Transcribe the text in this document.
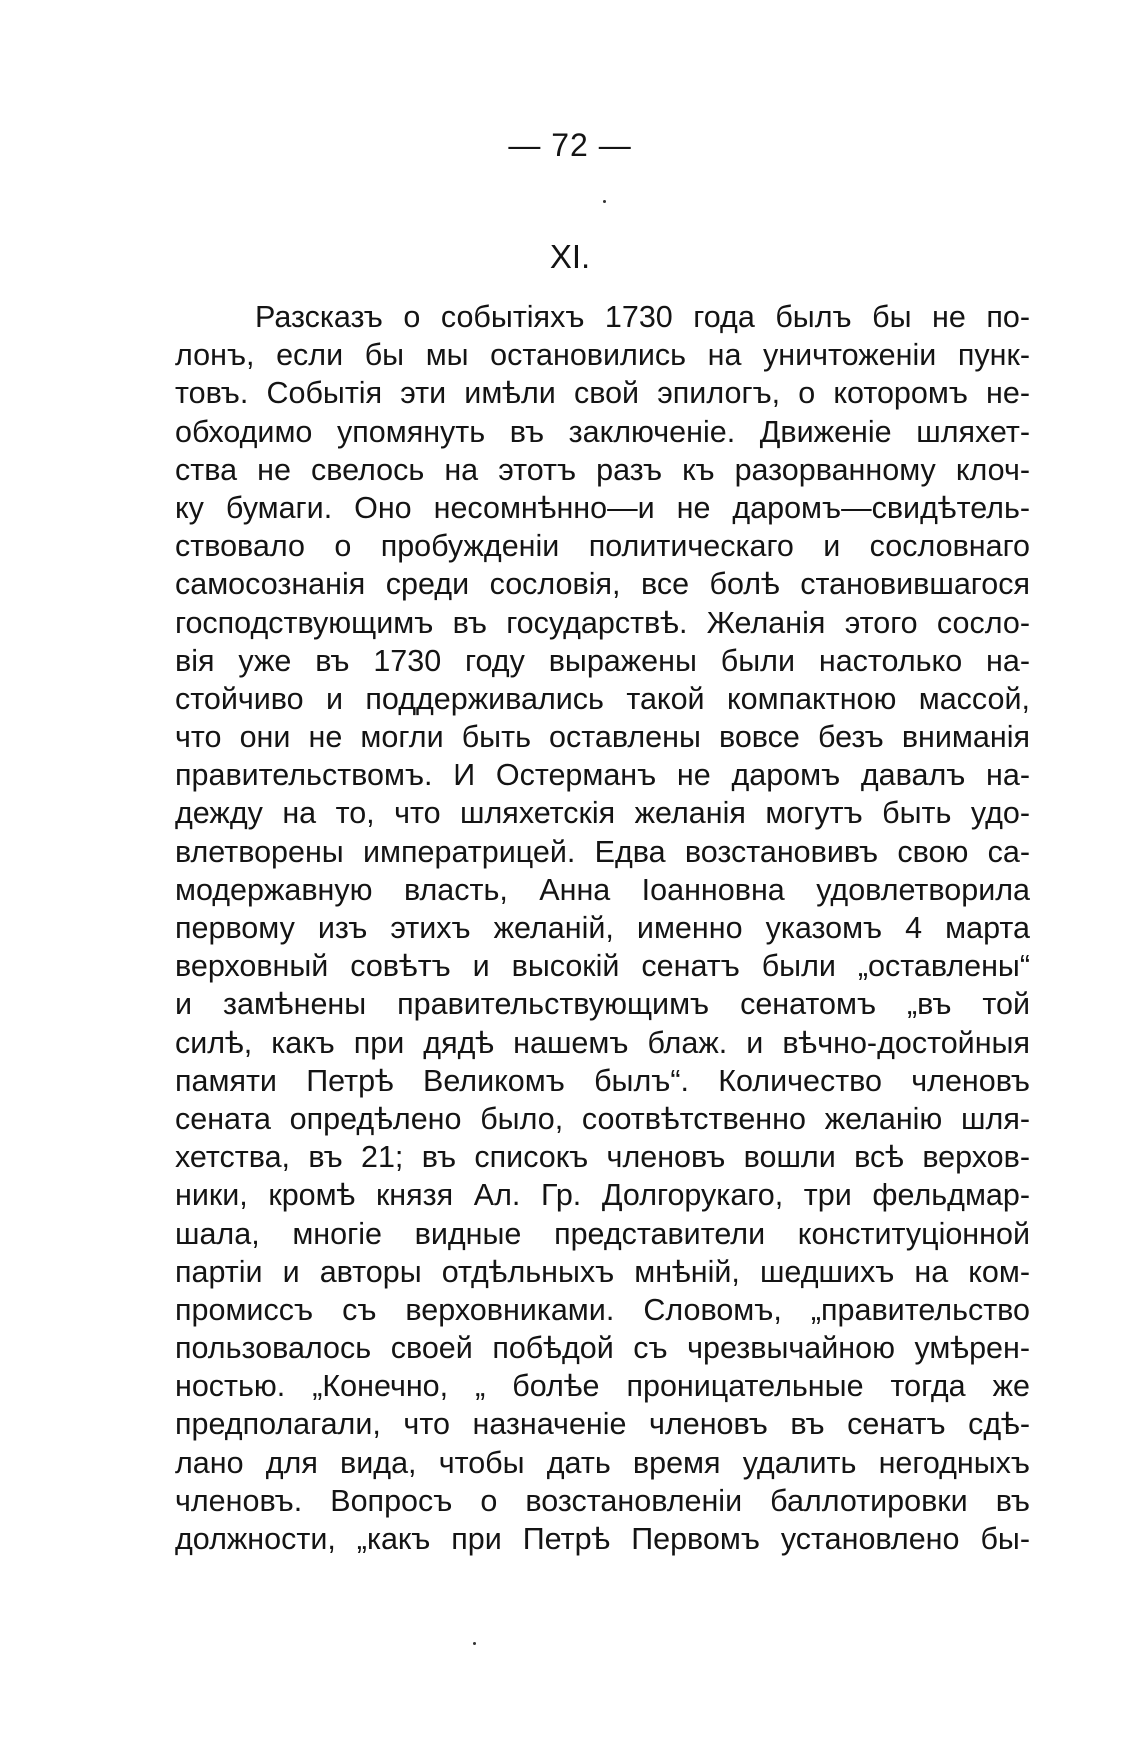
— 72 —
XI.
Разсказъ о событіяхъ 1730 года былъ бы не по-
лонъ, если бы мы остановились на уничтоженіи пунк-
товъ. Событія эти имѣли свой эпилогъ, о которомъ не-
обходимо упомянуть въ заключеніе. Движеніе шляхет-
ства не свелось на этотъ разъ къ разорванному клоч-
ку бумаги. Оно несомнѣнно—и не даромъ—свидѣтель-
ствовало о пробужденіи политическаго и сословнаго
самосознанія среди сословія, все болѣ становившагося
господствующимъ въ государствѣ. Желанія этого сосло-
вія уже въ 1730 году выражены были настолько на-
стойчиво и поддерживались такой компактною массой,
что они не могли быть оставлены вовсе безъ вниманія
правительствомъ. И Остерманъ не даромъ давалъ на-
дежду на то, что шляхетскія желанія могутъ быть удо-
влетворены императрицей. Едва возстановивъ свою са-
модержавную власть, Анна Іоанновна удовлетворила
первому изъ этихъ желаній, именно указомъ 4 марта
верховный совѣтъ и высокій сенатъ были „оставлены“
и замѣнены правительствующимъ сенатомъ „въ той
силѣ, какъ при дядѣ нашемъ блаж. и вѣчно-достойныя
памяти Петрѣ Великомъ былъ“. Количество членовъ
сената опредѣлено было, соотвѣтственно желанію шля-
хетства, въ 21; въ списокъ членовъ вошли всѣ верхов-
ники, кромѣ князя Ал. Гр. Долгорукаго, три фельдмар-
шала, многіе видные представители конституціонной
партіи и авторы отдѣльныхъ мнѣній, шедшихъ на ком-
промиссъ съ верховниками. Словомъ, „правительство
пользовалось своей побѣдой съ чрезвычайною умѣрен-
ностью. „Конечно, „ болѣе проницательные тогда же
предполагали, что назначеніе членовъ въ сенатъ сдѣ-
лано для вида, чтобы дать время удалить негодныхъ
членовъ. Вопросъ о возстановленіи баллотировки въ
должности, „какъ при Петрѣ Первомъ установлено бы-
